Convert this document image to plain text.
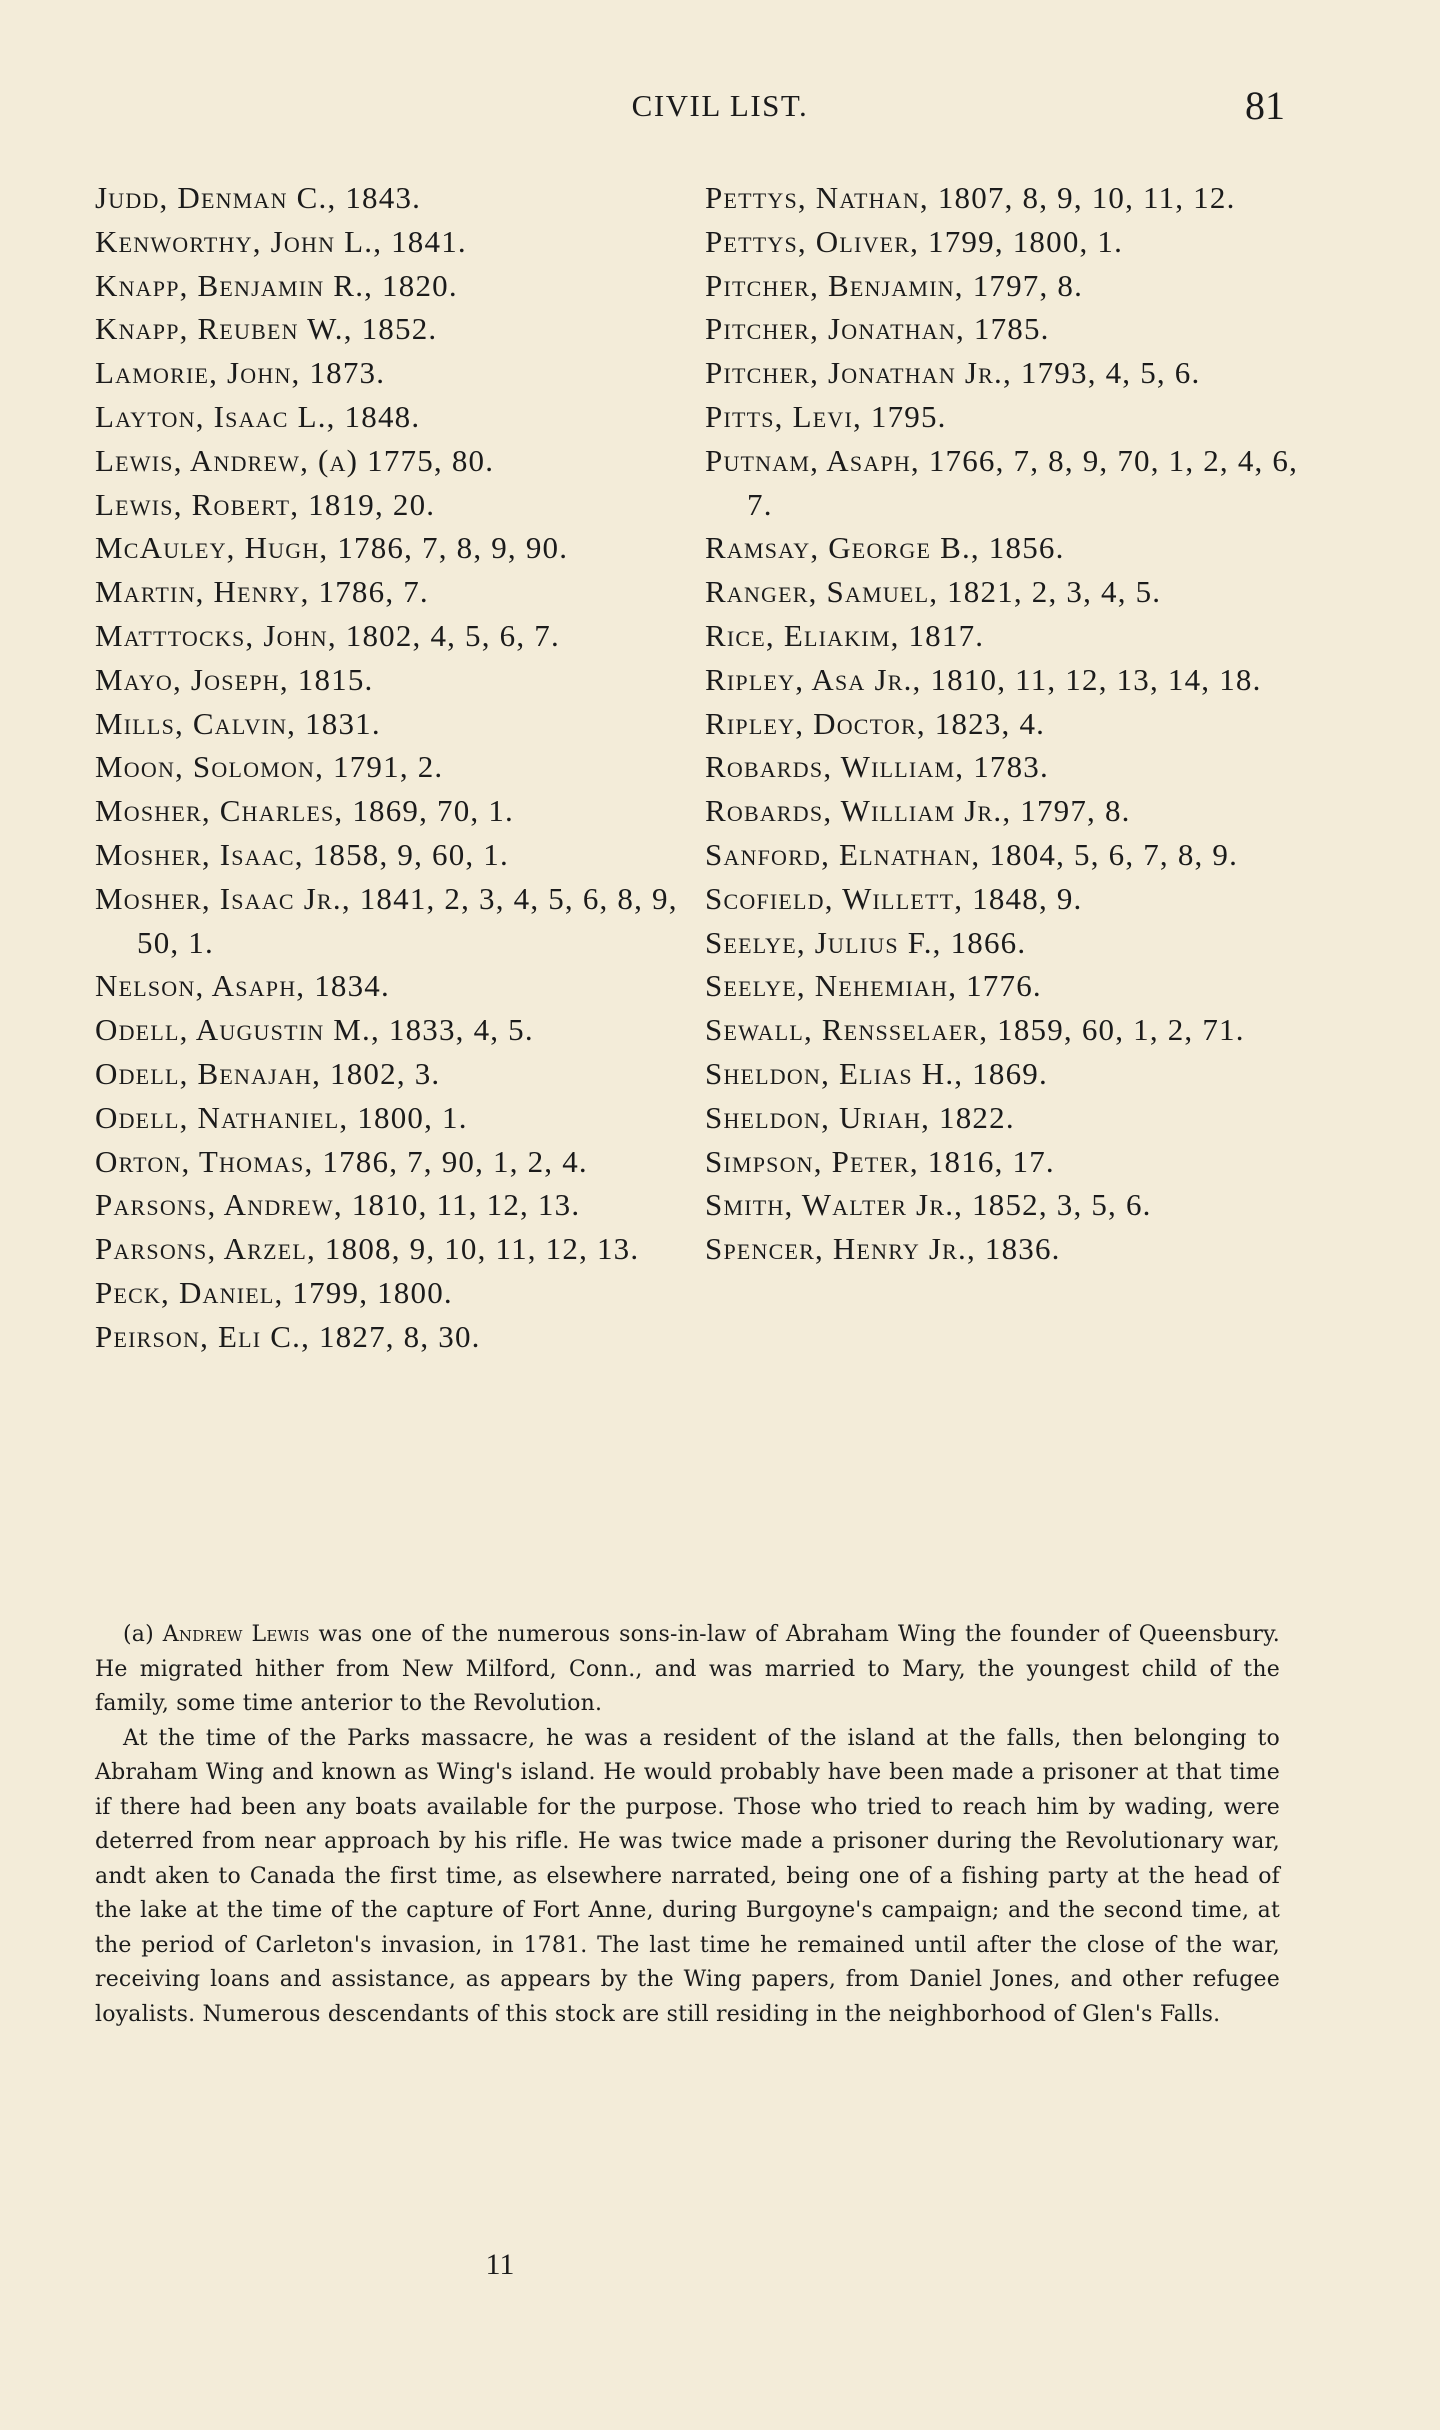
CIVIL LIST.	81
Judd, Denman C., 1843.
Kenworthy, John L., 1841.
Knapp, Benjamin R., 1820.
Knapp, Reuben W., 1852.
Lamorie, John, 1873.
Layton, Isaac L., 1848.
Lewis, Andrew, (a) 1775, 80.
Lewis, Robert, 1819, 20.
McAuley, Hugh, 1786, 7, 8, 9, 90.
Martin, Henry, 1786, 7.
Matttocks, John, 1802, 4, 5, 6, 7.
Mayo, Joseph, 1815.
Mills, Calvin, 1831.
Moon, Solomon, 1791, 2.
Mosher, Charles, 1869, 70, 1.
Mosher, Isaac, 1858, 9, 60, 1.
Mosher, Isaac Jr., 1841, 2, 3, 4, 5, 6, 8, 9, 50, 1.
Nelson, Asaph, 1834.
Odell, Augustin M., 1833, 4, 5.
Odell, Benajah, 1802, 3.
Odell, Nathaniel, 1800, 1.
Orton, Thomas, 1786, 7, 90, 1, 2, 4.
Parsons, Andrew, 1810, 11, 12, 13.
Parsons, Arzel, 1808, 9, 10, 11, 12, 13.
Peck, Daniel, 1799, 1800.
Peirson, Eli C., 1827, 8, 30.
Pettys, Nathan, 1807, 8, 9, 10, 11, 12.
Pettys, Oliver, 1799, 1800, 1.
Pitcher, Benjamin, 1797, 8.
Pitcher, Jonathan, 1785.
Pitcher, Jonathan Jr., 1793, 4, 5, 6.
Pitts, Levi, 1795.
Putnam, Asaph, 1766, 7, 8, 9, 70, 1, 2, 4, 6, 7.
Ramsay, George B., 1856.
Ranger, Samuel, 1821, 2, 3, 4, 5.
Rice, Eliakim, 1817.
Ripley, Asa Jr., 1810, 11, 12, 13, 14, 18.
Ripley, Doctor, 1823, 4.
Robards, William, 1783.
Robards, William Jr., 1797, 8.
Sanford, Elnathan, 1804, 5, 6, 7, 8, 9.
Scofield, Willett, 1848, 9.
Seelye, Julius F., 1866.
Seelye, Nehemiah, 1776.
Sewall, Rensselaer, 1859, 60, 1, 2, 71.
Sheldon, Elias H., 1869.
Sheldon, Uriah, 1822.
Simpson, Peter, 1816, 17.
Smith, Walter Jr., 1852, 3, 5, 6.
Spencer, Henry Jr., 1836.

(a) Andrew Lewis was one of the numerous sons-in-law of Abraham Wing the founder of Queensbury. He migrated hither from New Milford, Conn., and was married to Mary, the youngest child of the family, some time anterior to the Revolution.

At the time of the Parks massacre, he was a resident of the island at the falls, then belonging to Abraham Wing and known as Wing's island. He would probably have been made a prisoner at that time if there had been any boats available for the purpose. Those who tried to reach him by wading, were deterred from near approach by his rifle. He was twice made a prisoner during the Revolutionary war, andt aken to Canada the first time, as elsewhere narrated, being one of a fishing party at the head of the lake at the time of the capture of Fort Anne, during Burgoyne's campaign; and the second time, at the period of Carleton's invasion, in 1781. The last time he remained until after the close of the war, receiving loans and assistance, as appears by the Wing papers, from Daniel Jones, and other refugee loyalists. Numerous descendants of this stock are still residing in the neighborhood of Glen's Falls.

11
